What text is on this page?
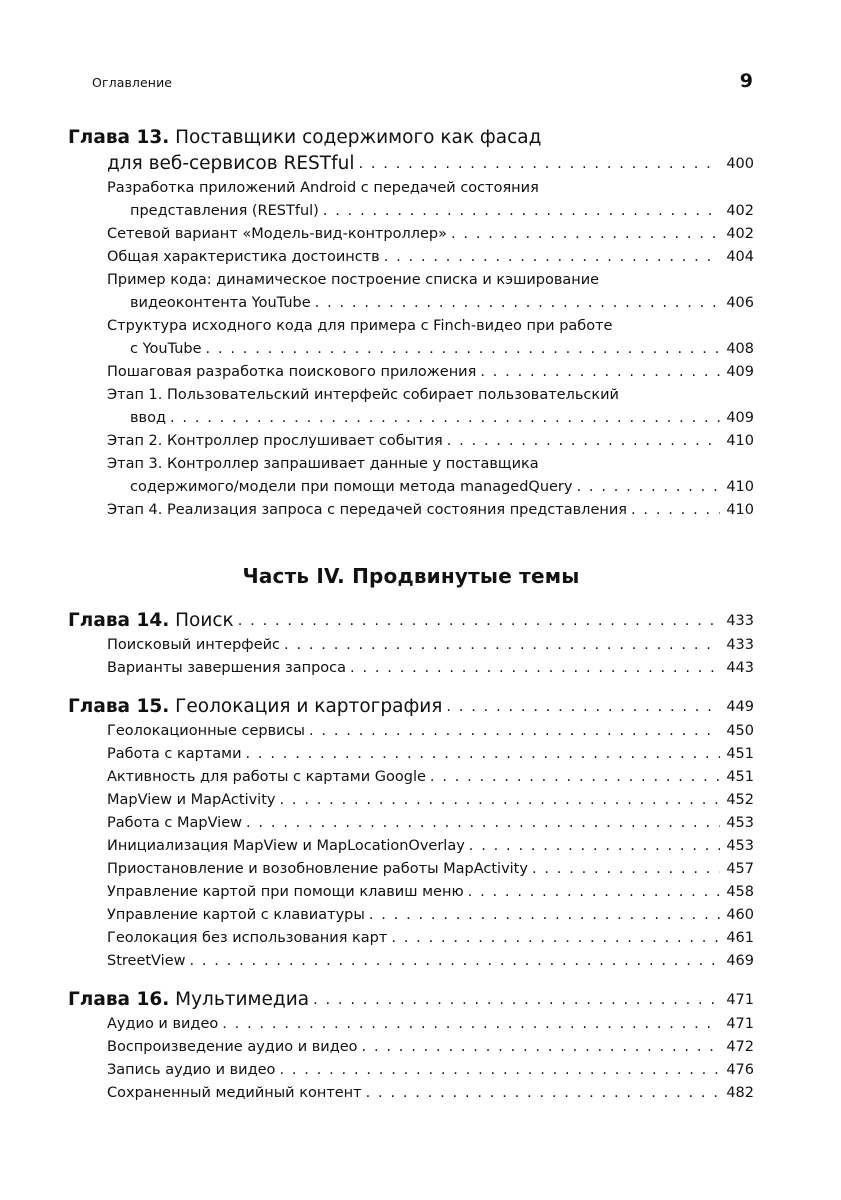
Оглавление	9
Глава 13. Поставщики содержимого как фасад
для веб-сервисов RESTful . . .	400
Разработка приложений Android с передачей состояния
представления (RESTful) . . .	402
Сетевой вариант «Модель-вид-контроллер» . . .	402
Общая характеристика достоинств . . .	404
Пример кода: динамическое построение списка и кэширование
видеоконтента YouTube . . .	406
Структура исходного кода для примера с Finch-видео при работе
с YouTube . . .	408
Пошаговая разработка поискового приложения . . .	409
Этап 1. Пользовательский интерфейс собирает пользовательский
ввод . . .	409
Этап 2. Контроллер прослушивает события . . .	410
Этап 3. Контроллер запрашивает данные у поставщика
содержимого/модели при помощи метода managedQuery . . .	410
Этап 4. Реализация запроса с передачей состояния представления . . .	410
Часть IV. Продвинутые темы
Глава 14. Поиск . . .	433
Поисковый интерфейс . . .	433
Варианты завершения запроса . . .	443
Глава 15. Геолокация и картография . . .	449
Геолокационные сервисы . . .	450
Работа с картами . . .	451
Активность для работы с картами Google . . .	451
MapView и MapActivity . . .	452
Работа с MapView . . .	453
Инициализация MapView и MapLocationOverlay . . .	453
Приостановление и возобновление работы MapActivity . . .	457
Управление картой при помощи клавиш меню . . .	458
Управление картой с клавиатуры . . .	460
Геолокация без использования карт . . .	461
StreetView . . .	469
Глава 16. Мультимедиа . . .	471
Аудио и видео . . .	471
Воспроизведение аудио и видео . . .	472
Запись аудио и видео . . .	476
Сохраненный медийный контент . . .	482
